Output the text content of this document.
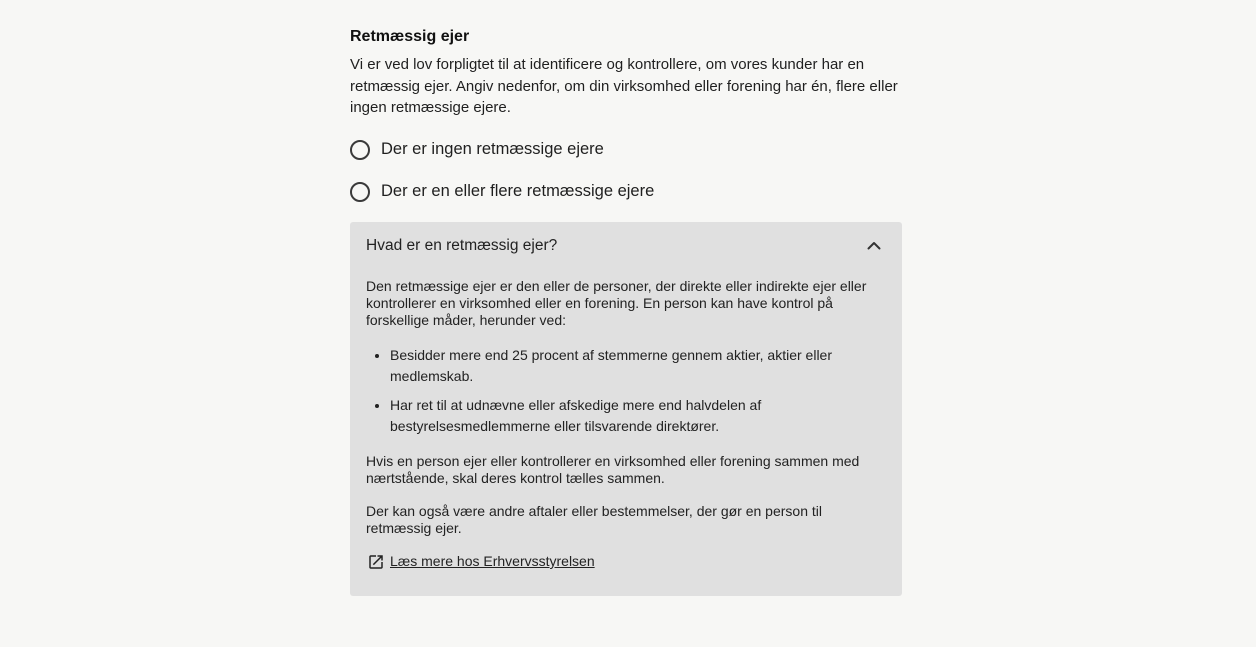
Retmæssig ejer

Vi er ved lov forpligtet til at identificere og kontrollere, om vores kunder har en retmæssig ejer. Angiv nedenfor, om din virksomhed eller forening har én, flere eller ingen retmæssige ejere.

Der er ingen retmæssige ejere
Der er en eller flere retmæssige ejere
Hvad er en retmæssig ejer?

Den retmæssige ejer er den eller de personer, der direkte eller indirekte ejer eller kontrollerer en virksomhed eller en forening. En person kan have kontrol på forskellige måder, herunder ved:

• Besidder mere end 25 procent af stemmerne gennem aktier, aktier eller medlemskab.
• Har ret til at udnævne eller afskedige mere end halvdelen af bestyrelsesmedlemmerne eller tilsvarende direktører.

Hvis en person ejer eller kontrollerer en virksomhed eller forening sammen med nærtstående, skal deres kontrol tælles sammen.

Der kan også være andre aftaler eller bestemmelser, der gør en person til retmæssig ejer.

Læs mere hos Erhvervsstyrelsen
